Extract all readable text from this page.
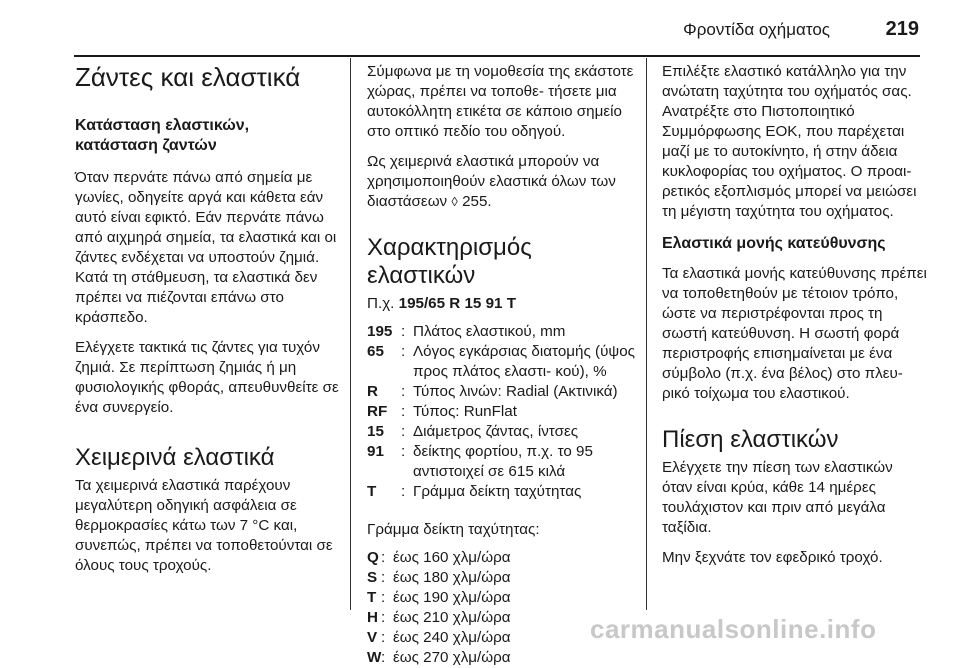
Φροντίδα οχήματος	219
Ζάντες και ελαστικά
Κατάσταση ελαστικών,
κατάσταση ζαντών

Όταν περνάτε πάνω από σημεία με γωνίες, οδηγείτε αργά και κάθετα εάν αυτό είναι εφικτό. Εάν περνάτε πάνω από αιχμηρά σημεία, τα ελαστικά και οι ζάντες ενδέχεται να υποστούν ζημιά. Κατά τη στάθμευση, τα ελαστικά δεν πρέπει να πιέζονται επάνω στο κράσπεδο.

Ελέγχετε τακτικά τις ζάντες για τυχόν ζημιά. Σε περίπτωση ζημιάς ή μη φυσιολογικής φθοράς, απευθυνθείτε σε ένα συνεργείο.

Χειμερινά ελαστικά

Τα χειμερινά ελαστικά παρέχουν μεγαλύτερη οδηγική ασφάλεια σε θερμοκρασίες κάτω των 7 °C και, συνεπώς, πρέπει να τοποθετούνται σε όλους τους τροχούς.

Σύμφωνα με τη νομοθεσία της εκάστοτε χώρας, πρέπει να τοποθε- τήσετε μια αυτοκόλλητη ετικέτα σε κάποιο σημείο στο οπτικό πεδίο του οδηγού.

Ως χειμερινά ελαστικά μπορούν να χρησιμοποιηθούν ελαστικά όλων των διαστάσεων ◊ 255.

Χαρακτηρισμός ελαστικών

Π.χ. 195/65 R 15 91 T

195 : Πλάτος ελαστικού, mm
65	: Λόγος εγκάρσιας διατομής (ύψος προς πλάτος ελαστι- κού), %
R	: Τύπος λινών: Radial (Ακτινικά)
RF : Τύπος: RunFlat
15	: Διάμετρος ζάντας, ίντσες
91	: δείκτης φορτίου, π.χ. το 95 αντιστοιχεί σε 615 κιλά
T	: Γράμμα δείκτη ταχύτητας

Γράμμα δείκτη ταχύτητας:

Q : έως 160 χλμ/ώρα
S : έως 180 χλμ/ώρα
T : έως 190 χλμ/ώρα
H : έως 210 χλμ/ώρα
V : έως 240 χλμ/ώρα
W : έως 270 χλμ/ώρα

Επιλέξτε ελαστικό κατάλληλο για την ανώτατη ταχύτητα του οχήματός σας. Ανατρέξτε στο Πιστοποιητικό Συμμόρφωσης ΕΟΚ, που παρέχεται μαζί με το αυτοκίνητο, ή στην άδεια κυκλοφορίας του οχήματος. Ο προαι- ρετικός εξοπλισμός μπορεί να μειώσει τη μέγιστη ταχύτητα του οχήματος.

Ελαστικά μονής κατεύθυνσης

Τα ελαστικά μονής κατεύθυνσης πρέπει να τοποθετηθούν με τέτοιον τρόπο, ώστε να περιστρέφονται προς τη σωστή κατεύθυνση. Η σωστή φορά περιστροφής επισημαίνεται με ένα σύμβολο (π.χ. ένα βέλος) στο πλευ- ρικό τοίχωμα του ελαστικού.

Πίεση ελαστικών

Ελέγχετε την πίεση των ελαστικών όταν είναι κρύα, κάθε 14 ημέρες τουλάχιστον και πριν από μεγάλα ταξίδια.

Μην ξεχνάτε τον εφεδρικό τροχό.

carmanualsonline.info
